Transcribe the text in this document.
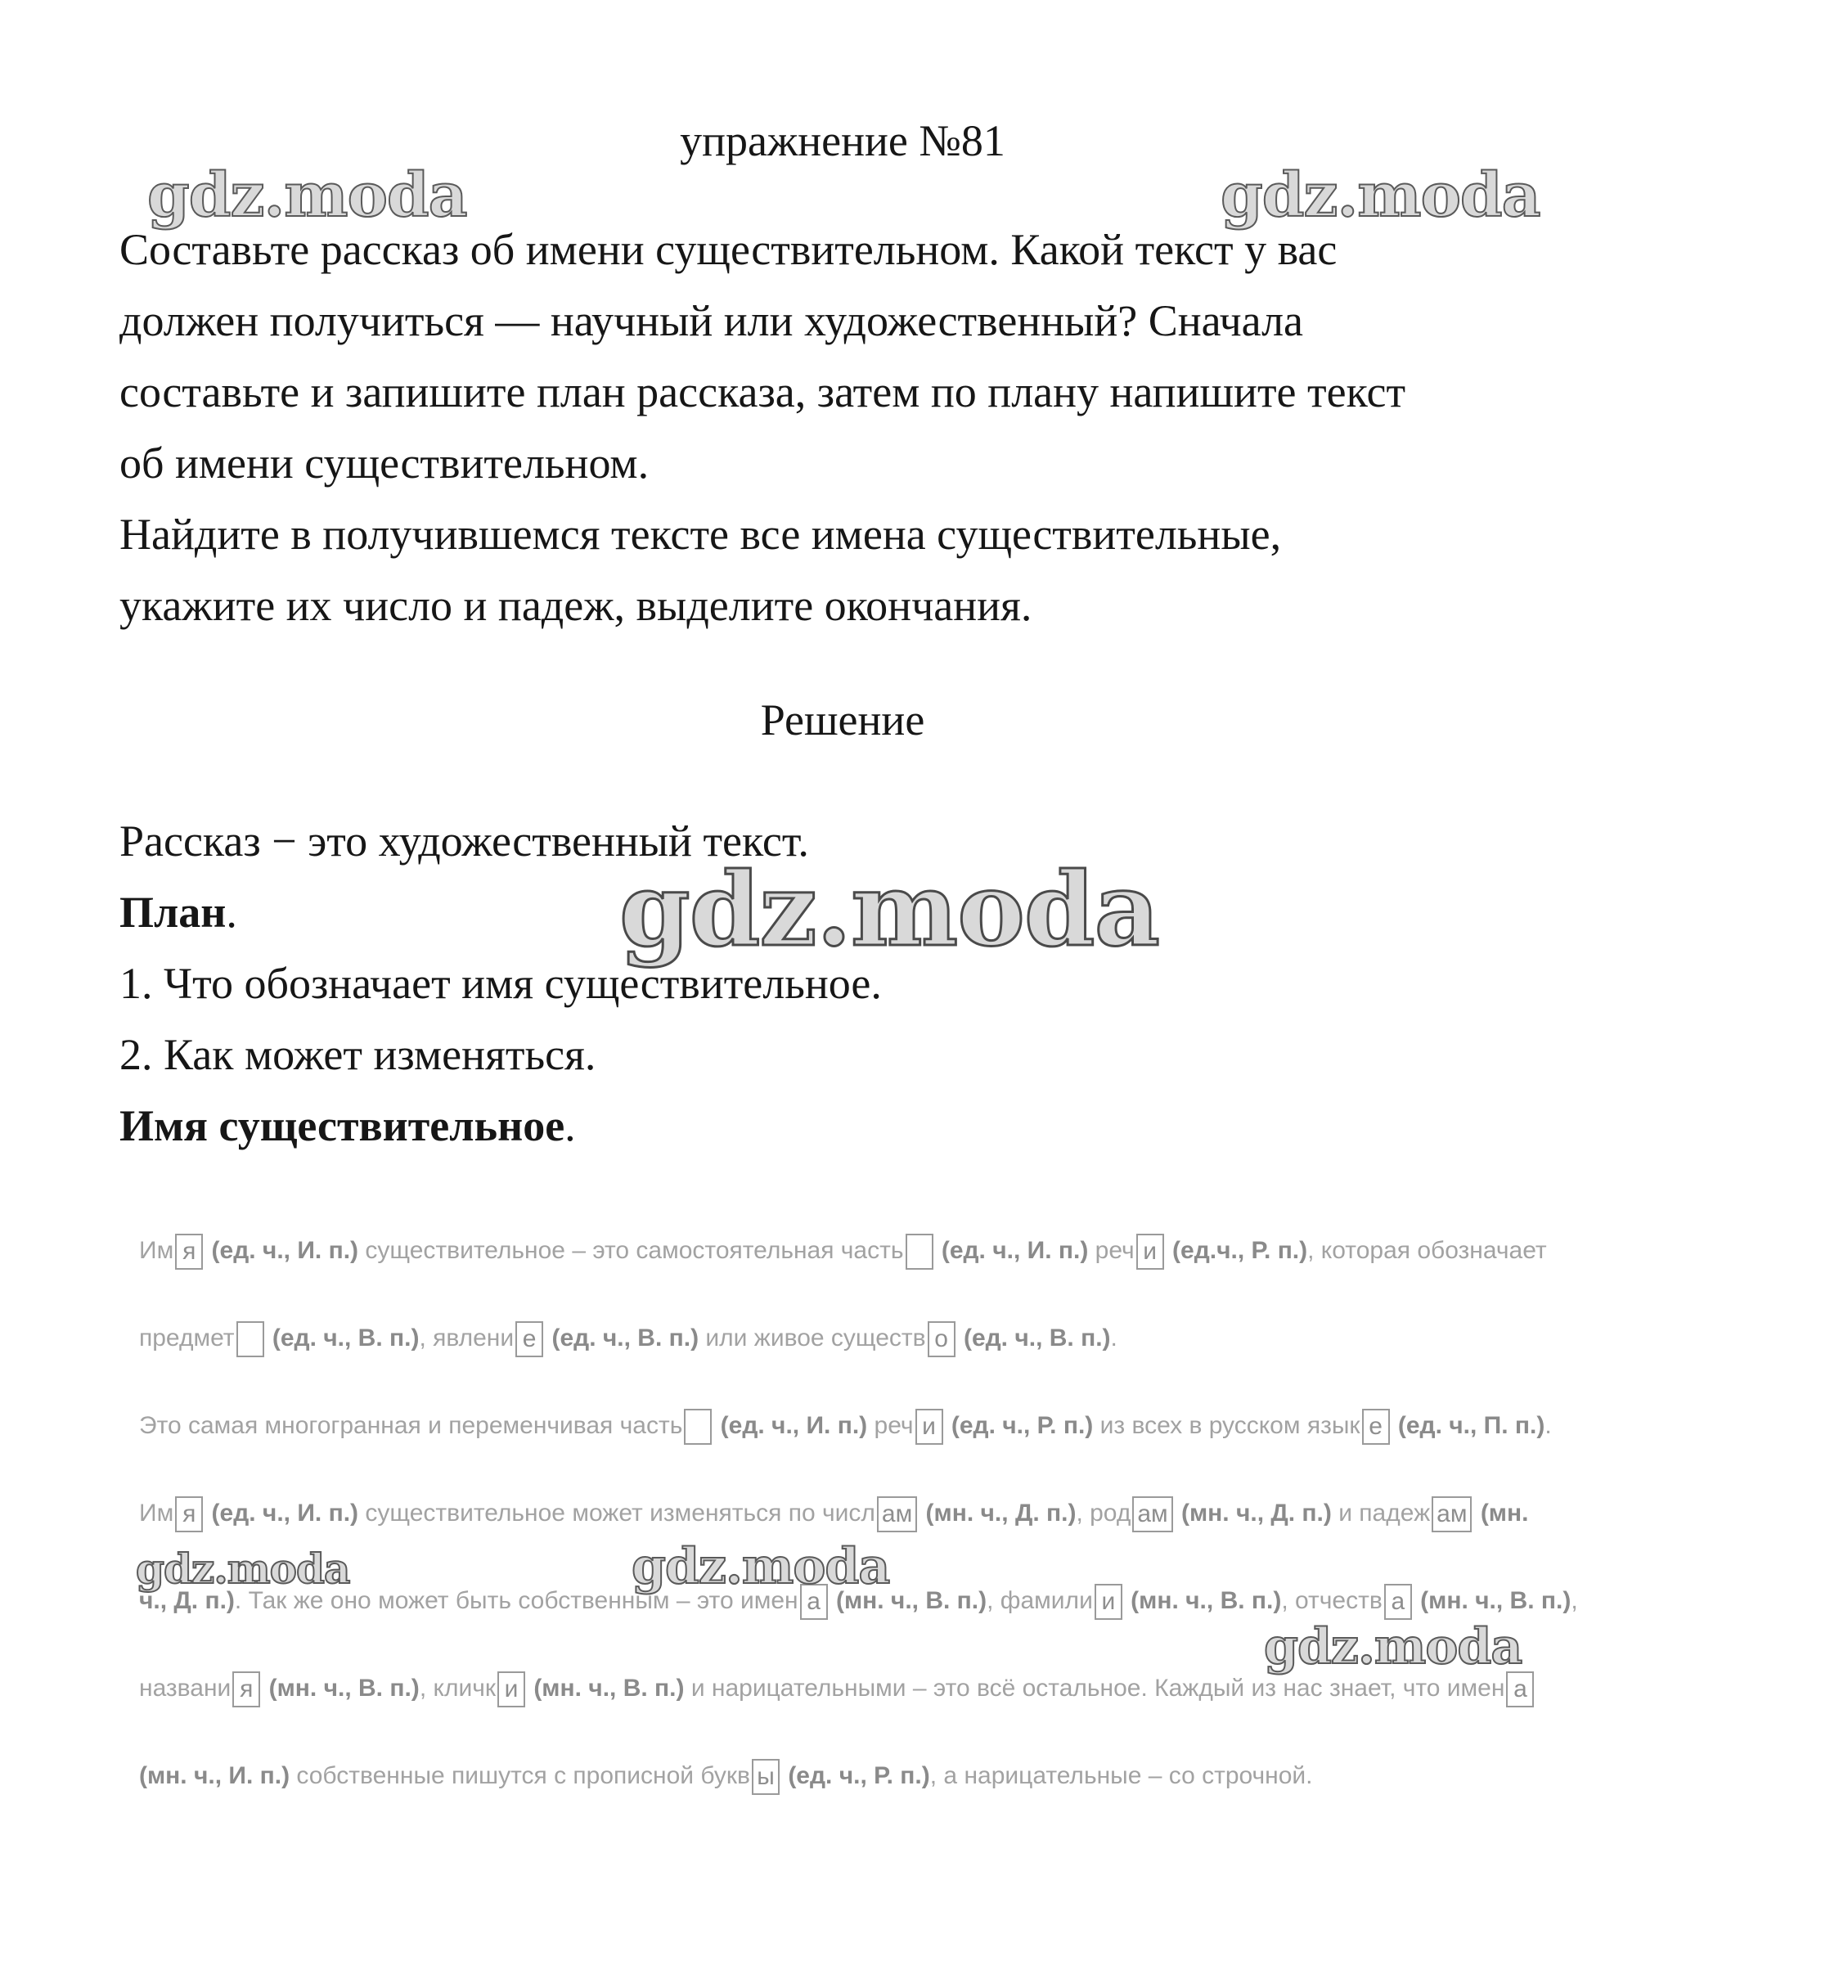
упражнение №81

Составьте рассказ об имени существительном. Какой текст у вас

должен получиться — научный или художественный? Сначала

составьте и запишите план рассказа, затем по плану напишите текст

об имени существительном.

Найдите в получившемся тексте все имена существительные,

укажите их число и падеж, выделите окончания.

Решение

Рассказ − это художественный текст.

План.

1. Что обозначает имя существительное.

2. Как может изменяться.

Имя существительное.

Им я (ед. ч., И. п.) существительное – это самостоятельная часть (ед. ч., И. п.) реч и (ед.ч., Р. п.), которая обозначает
предмет (ед. ч., В. п.), явлени е (ед. ч., В. п.) или живое существ о (ед. ч., В. п.).
Это самая многогранная и переменчивая часть (ед. ч., И. п.) реч и (ед. ч., Р. п.) из всех в русском язык е (ед. ч., П. п.).
Им я (ед. ч., И. п.) существительное может изменяться по числ ам (мн. ч., Д. п.), род ам (мн. ч., Д. п.) и падеж ам (мн.
ч., Д. п.). Так же оно может быть собственным – это имен а (мн. ч., В. п.), фамили и (мн. ч., В. п.), отчеств а (мн. ч., В. п.),
названи я (мн. ч., В. п.), кличк и (мн. ч., В. п.) и нарицательными – это всё остальное. Каждый из нас знает, что имен а
(мн. ч., И. п.) собственные пишутся с прописной букв ы (ед. ч., Р. п.), а нарицательные – со строчной.
gdz.moda	gdz.moda
gdz.moda
gdz.moda	gdz.moda
gdz.moda
